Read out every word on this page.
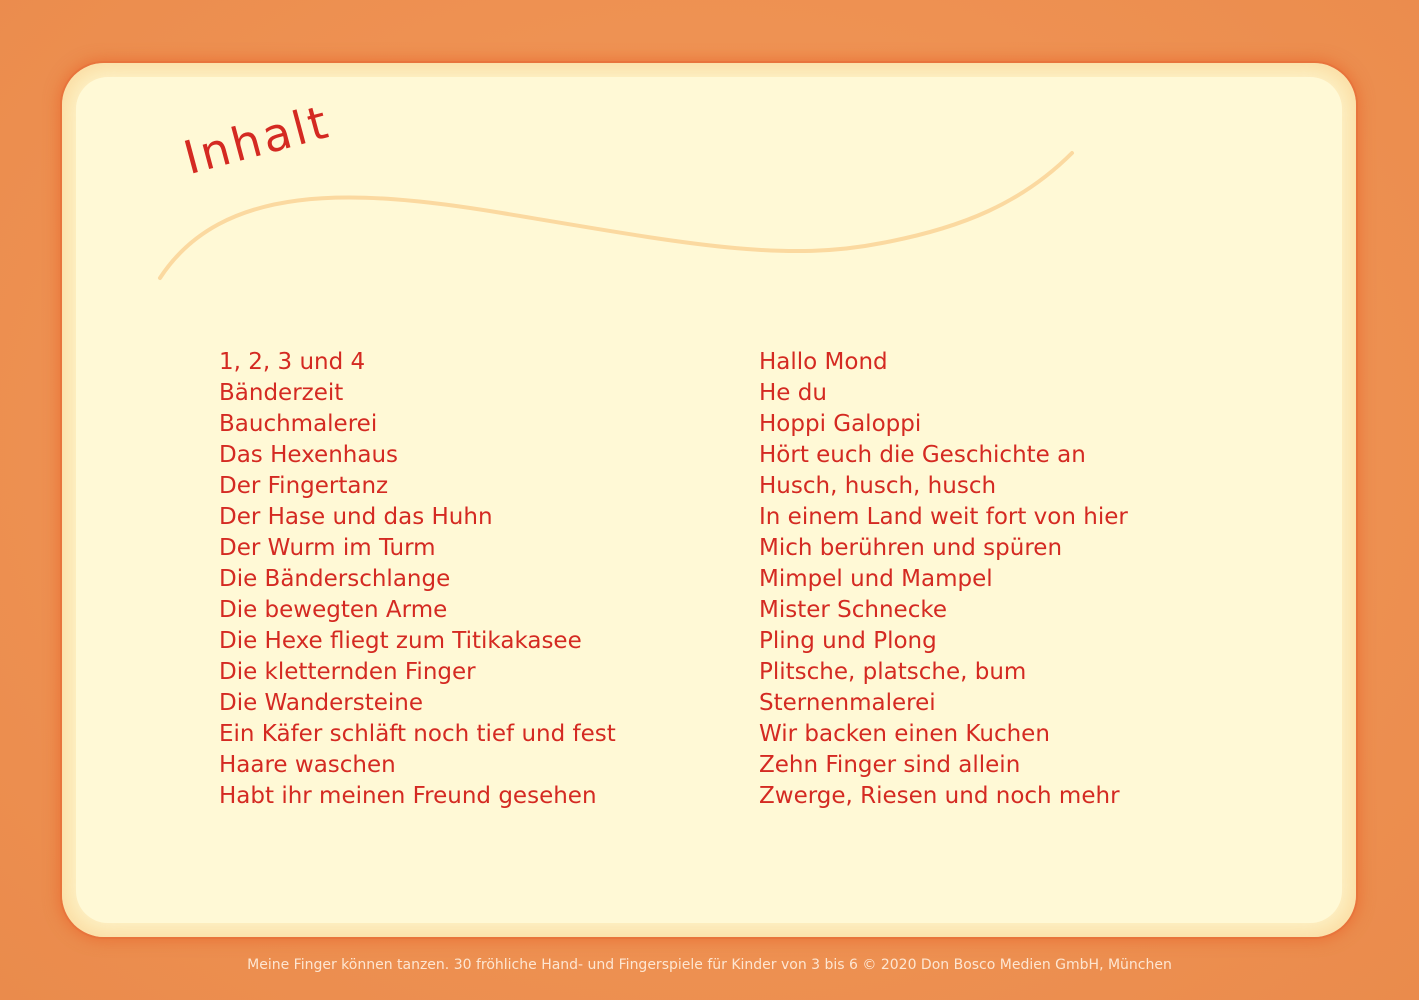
Inhalt
1, 2, 3 und 4
Bänderzeit
Bauchmalerei
Das Hexenhaus
Der Fingertanz
Der Hase und das Huhn
Der Wurm im Turm
Die Bänderschlange
Die bewegten Arme
Die Hexe fliegt zum Titikakasee
Die kletternden Finger
Die Wandersteine
Ein Käfer schläft noch tief und fest
Haare waschen
Habt ihr meinen Freund gesehen
Hallo Mond
He du
Hoppi Galoppi
Hört euch die Geschichte an
Husch, husch, husch
In einem Land weit fort von hier
Mich berühren und spüren
Mimpel und Mampel
Mister Schnecke
Pling und Plong
Plitsche, platsche, bum
Sternenmalerei
Wir backen einen Kuchen
Zehn Finger sind allein
Zwerge, Riesen und noch mehr
Meine Finger können tanzen. 30 fröhliche Hand- und Fingerspiele für Kinder von 3 bis 6 © 2020 Don Bosco Medien GmbH, München
